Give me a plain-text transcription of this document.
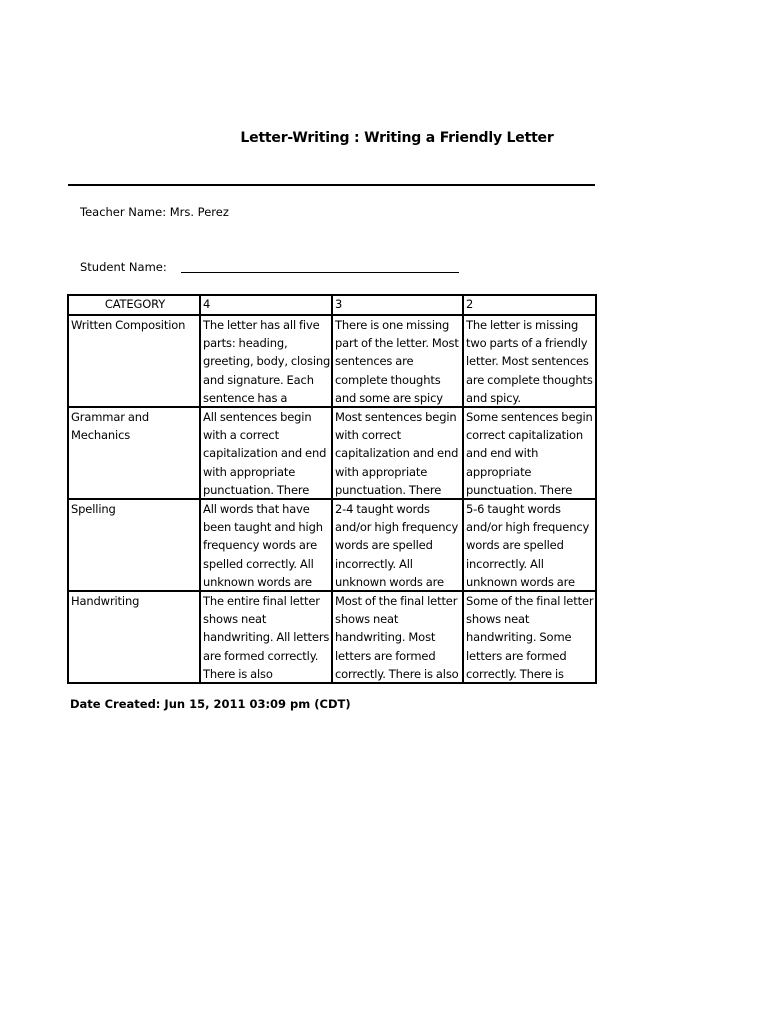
Letter-Writing : Writing a Friendly Letter
Teacher Name: Mrs. Perez
Student Name:
CATEGORY	4	3	2

Written Composition	The letter has all five parts: heading, greeting, body, closing and signature. Each sentence has a	There is one missing part of the letter. Most sentences are complete thoughts and some are spicy	The letter is missing two parts of a friendly letter. Most sentences are complete thoughts and spicy.

Grammar and Mechanics	All sentences begin with a correct capitalization and end with appropriate punctuation. There	Most sentences begin with correct capitalization and end with appropriate punctuation. There	Some sentences begin correct capitalization and end with appropriate punctuation. There

Spelling	All words that have been taught and high frequency words are spelled correctly. All unknown words are	2-4 taught words and/or high frequency words are spelled incorrectly. All unknown words are	5-6 taught words and/or high frequency words are spelled incorrectly. All unknown words are

Handwriting	The entire final letter shows neat handwriting. All letters are formed correctly. There is also	Most of the final letter shows neat handwriting. Most letters are formed correctly. There is also	Some of the final letter shows neat handwriting. Some letters are formed correctly. There is
Date Created: Jun 15, 2011 03:09 pm (CDT)
